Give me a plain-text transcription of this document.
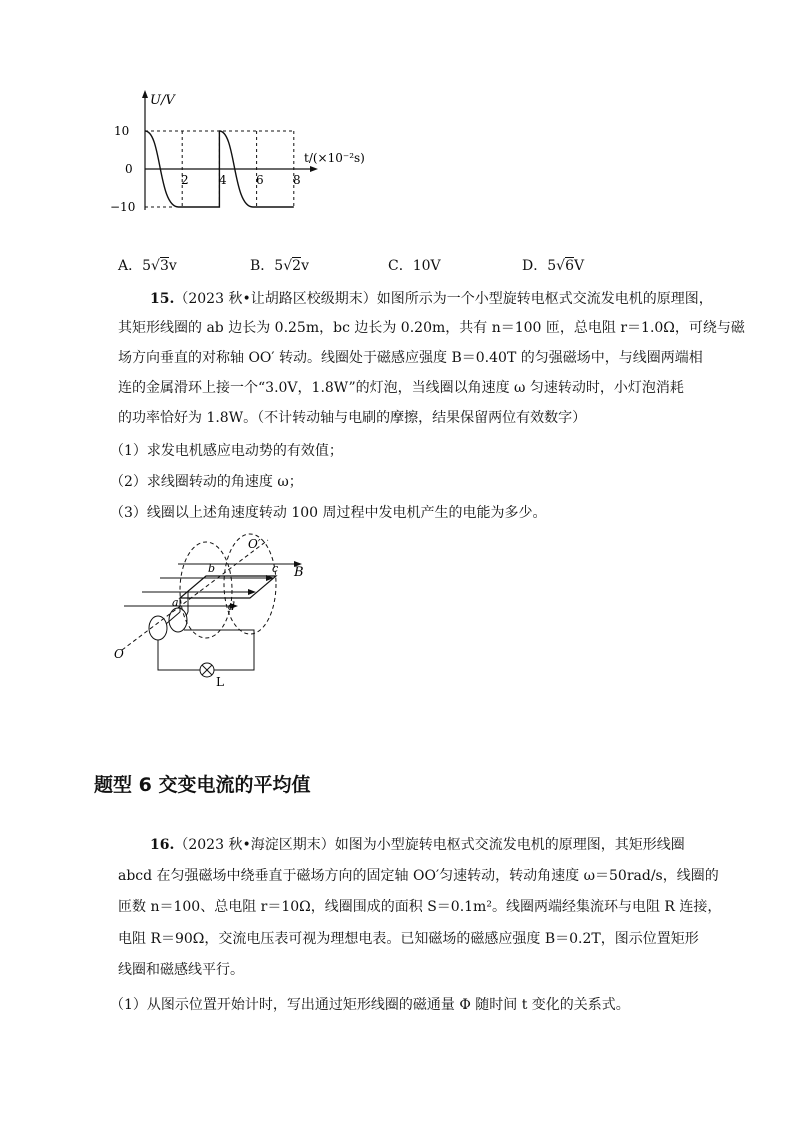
U/V
t/(×10⁻²s)
10
0
−10
2	4 6 8
A．5√3v	B．5√2v	C．10V	D．5√6V
15.（2023 秋•让胡路区校级期末）如图所示为一个小型旋转电枢式交流发电机的原理图，
其矩形线圈的 ab 边长为 0.25m，bc 边长为 0.20m，共有 n＝100 匝，总电阻 r＝1.0Ω，可绕与磁
场方向垂直的对称轴 OO′ 转动。线圈处于磁感应强度 B＝0.40T 的匀强磁场中，与线圈两端相
连的金属滑环上接一个“3.0V，1.8W”的灯泡，当线圈以角速度 ω 匀速转动时，小灯泡消耗
的功率恰好为 1.8W。（不计转动轴与电刷的摩擦，结果保留两位有效数字）
（1）求发电机感应电动势的有效值；
（2）求线圈转动的角速度 ω；
（3）线圈以上述角速度转动 100 周过程中发电机产生的电能为多少。
O′
b	c B
a	d
O
L
题型 6 交变电流的平均值
16.（2023 秋•海淀区期末）如图为小型旋转电枢式交流发电机的原理图，其矩形线圈
abcd 在匀强磁场中绕垂直于磁场方向的固定轴 OO′匀速转动，转动角速度 ω＝50rad/s，线圈的
匝数 n＝100、总电阻 r＝10Ω，线圈围成的面积 S＝0.1m²。线圈两端经集流环与电阻 R 连接，
电阻 R＝90Ω，交流电压表可视为理想电表。已知磁场的磁感应强度 B＝0.2T，图示位置矩形
线圈和磁感线平行。
（1）从图示位置开始计时，写出通过矩形线圈的磁通量 Φ 随时间 t 变化的关系式。
